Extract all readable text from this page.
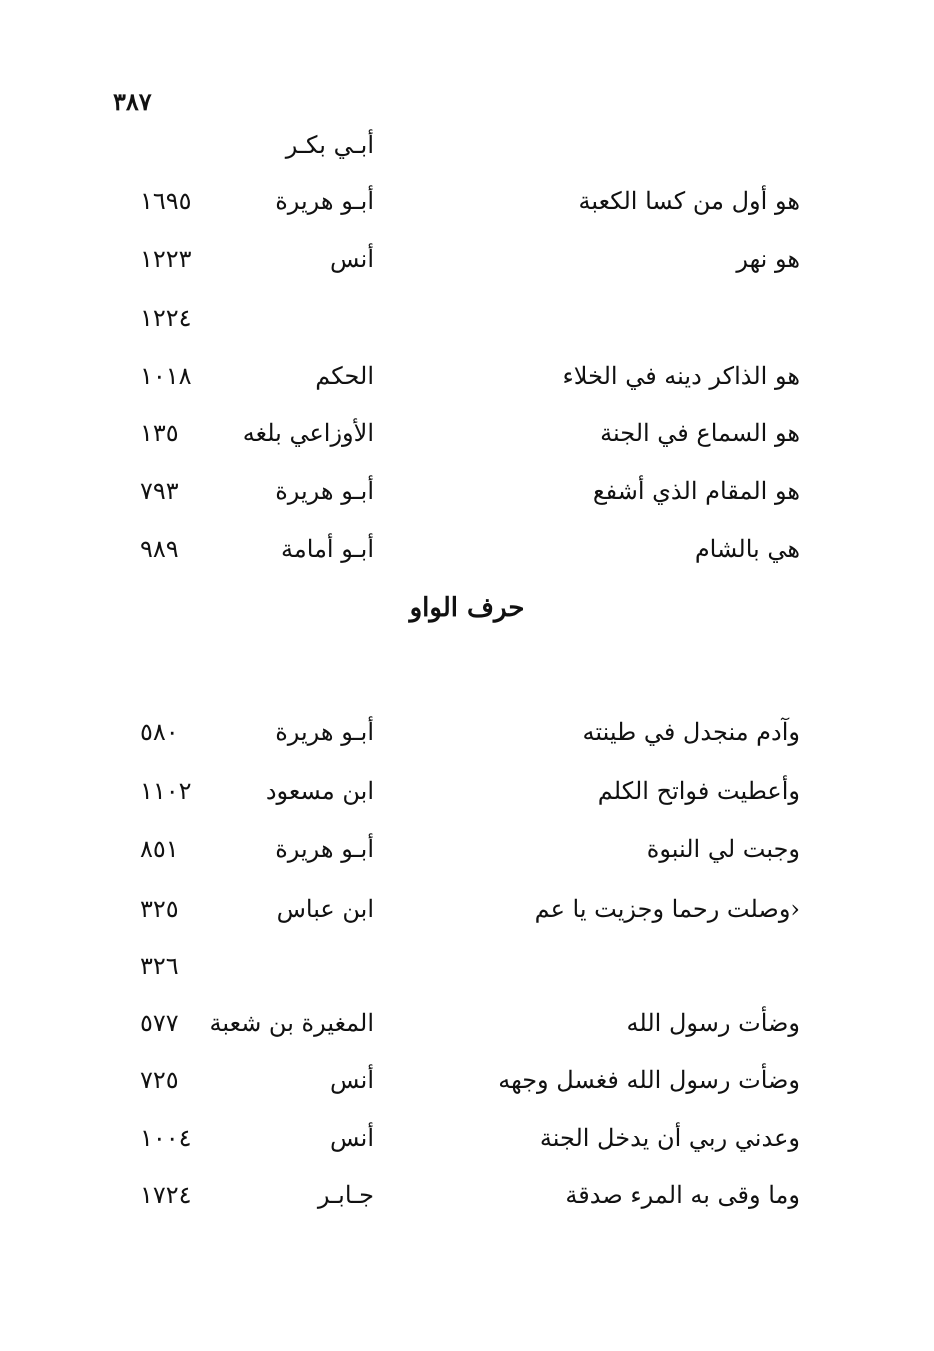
٣٨٧
أبـي بكـر
هو أول من كسا الكعبة
أبـو هريرة
١٦٩٥
هو نهر
أنس
١٢٢٣
١٢٢٤
هو الذاكر دينه في الخلاء
الحكم
١٠١٨
هو السماع في الجنة
الأوزاعي بلغه
١٣٥
هو المقام الذي أشفع
أبـو هريرة
٧٩٣
هي بالشام
أبـو أمامة
٩٨٩
حرف الواو
وآدم منجدل في طينته
أبـو هريرة
٥٨٠
وأعطيت فواتح الكلم
ابن مسعود
١١٠٢
وجبت لي النبوة
أبـو هريرة
٨٥١
‹وصلت رحما وجزيت يا عم
ابن عباس
٣٢٥
٣٢٦
وضأت رسول الله
المغيرة بن شعبة
٥٧٧
وضأت رسول الله فغسل وجهه
أنس
٧٢٥
وعدني ربي أن يدخل الجنة
أنس
١٠٠٤
وما وقى به المرء صدقة
جـابـر
١٧٢٤
